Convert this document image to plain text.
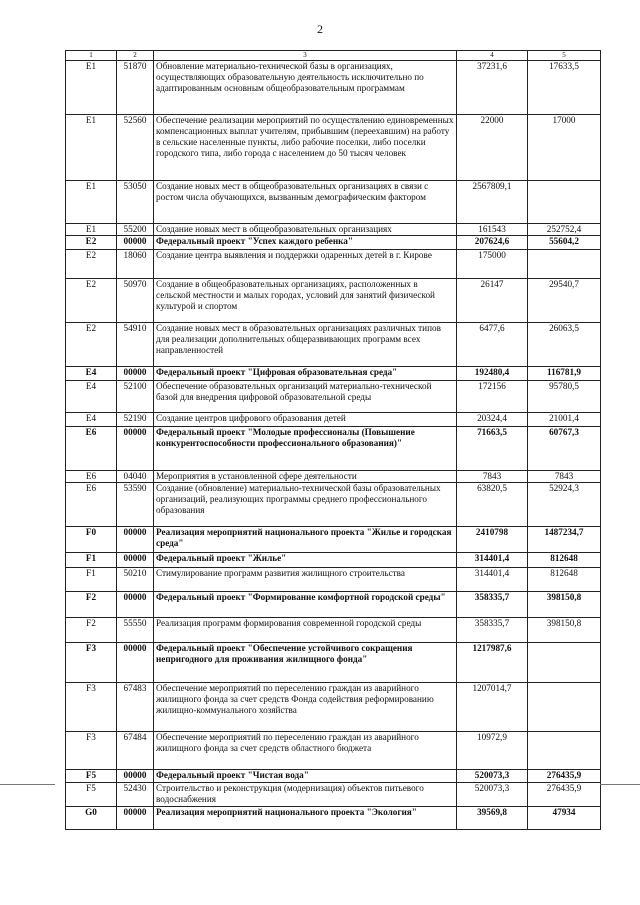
2
1	2	3	4	5
E1	51870	Обновление материально-технической базы в организациях, осуществляющих образовательную деятельность исключительно по адаптированным основным общеобразовательным программам	37231,6	17633,5
E1	52560	Обеспечение реализации мероприятий по осуществлению единовременных компенсационных выплат учителям, прибывшим (переехавшим) на работу в сельские населенные пункты, либо рабочие поселки, либо поселки городского типа, либо города с населением до 50 тысяч человек	22000	17000
E1	53050	Создание новых мест в общеобразовательных организациях в связи с ростом числа обучающихся, вызванным демографическим фактором	2567809,1	
E1	55200	Создание новых мест в общеобразовательных организациях	161543	252752,4
E2	00000	Федеральный проект "Успех каждого ребенка"	207624,6	55604,2
E2	18060	Создание центра выявления и поддержки одаренных детей в г. Кирове	175000	
E2	50970	Создание в общеобразовательных организациях, расположенных в сельской местности и малых городах, условий для занятий физической культурой и спортом	26147	29540,7
E2	54910	Создание новых мест в образовательных организациях различных типов для реализации дополнительных общеразвивающих программ всех направленностей	6477,6	26063,5
E4	00000	Федеральный проект "Цифровая образовательная среда"	192480,4	116781,9
E4	52100	Обеспечение образовательных организаций материально-технической базой для внедрения цифровой образовательной среды	172156	95780,5
E4	52190	Создание центров цифрового образования детей	20324,4	21001,4
E6	00000	Федеральный проект "Молодые профессионалы (Повышение конкурентоспособности профессионального образования)"	71663,5	60767,3
E6	04040	Мероприятия в установленной сфере деятельности	7843	7843
E6	53590	Создание (обновление) материально-технической базы образовательных организаций, реализующих программы среднего профессионального образования	63820,5	52924,3
F0	00000	Реализация мероприятий национального проекта "Жилье и городская среда"	2410798	1487234,7
F1	00000	Федеральный проект "Жилье"	314401,4	812648
F1	50210	Стимулирование программ развития жилищного строительства	314401,4	812648
F2	00000	Федеральный проект "Формирование комфортной городской среды"	358335,7	398150,8
F2	55550	Реализация программ формирования современной городской среды	358335,7	398150,8
F3	00000	Федеральный проект "Обеспечение устойчивого сокращения непригодного для проживания жилищного фонда"	1217987,6	
F3	67483	Обеспечение мероприятий по переселению граждан из аварийного жилищного фонда за счет средств Фонда содействия реформированию жилищно-коммунального хозяйства	1207014,7	
F3	67484	Обеспечение мероприятий по переселению граждан из аварийного жилищного фонда за счет средств областного бюджета	10972,9	
F5	00000	Федеральный проект "Чистая вода"	520073,3	276435,9
F5	52430	Строительство и реконструкция (модернизация) объектов питьевого водоснабжения	520073,3	276435,9
G0	00000	Реализация мероприятий национального проекта "Экология"	39569,8	47934
